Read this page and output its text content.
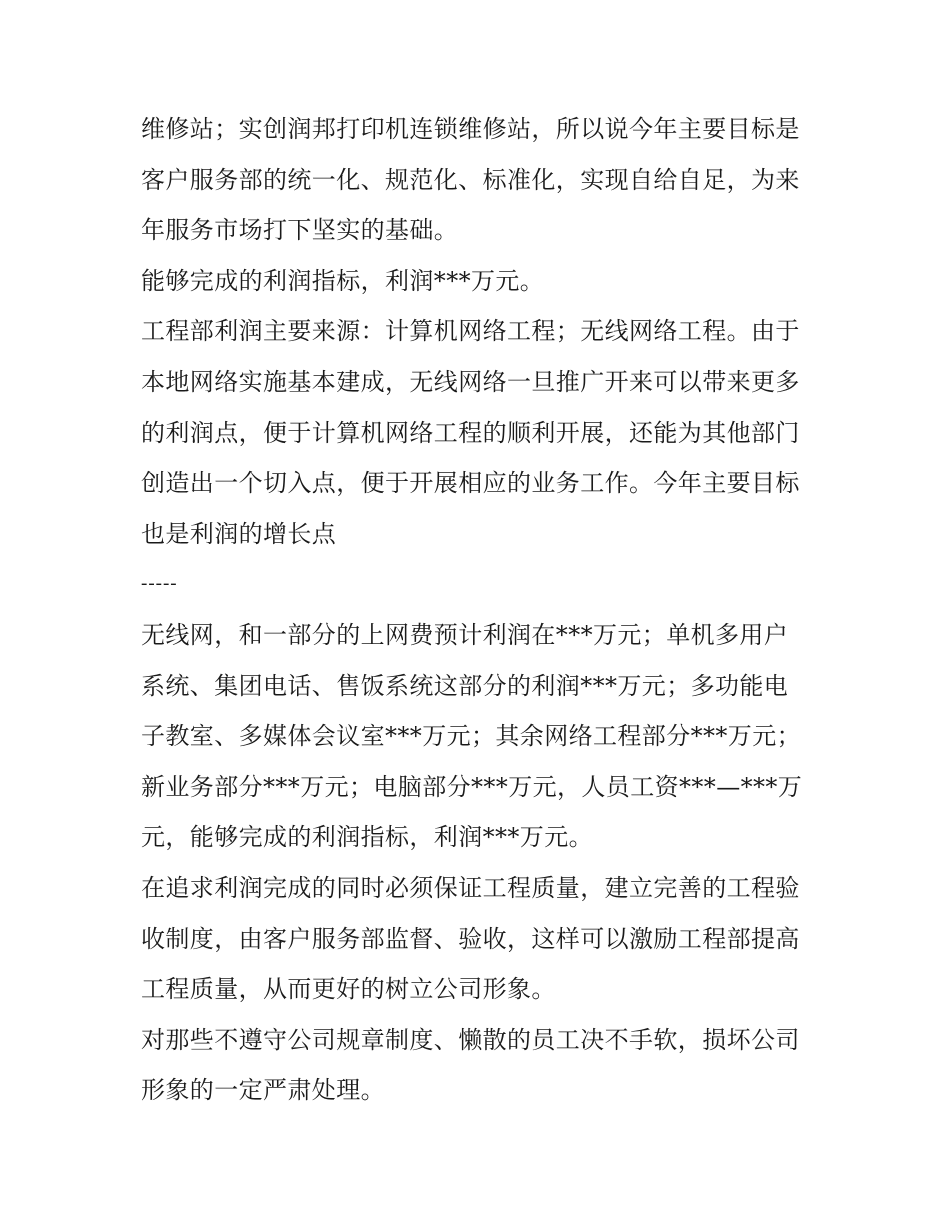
维修站；实创润邦打印机连锁维修站，所以说今年主要目标是
客户服务部的统一化、规范化、标准化，实现自给自足，为来
年服务市场打下坚实的基础。
能够完成的利润指标，利润***万元。
工程部利润主要来源：计算机网络工程；无线网络工程。由于
本地网络实施基本建成，无线网络一旦推广开来可以带来更多
的利润点，便于计算机网络工程的顺利开展，还能为其他部门
创造出一个切入点，便于开展相应的业务工作。今年主要目标
也是利润的增长点
-----
无线网，和一部分的上网费预计利润在***万元；单机多用户
系统、集团电话、售饭系统这部分的利润***万元；多功能电
子教室、多媒体会议室***万元；其余网络工程部分***万元；
新业务部分***万元；电脑部分***万元，人员工资***—***万
元，能够完成的利润指标，利润***万元。
在追求利润完成的同时必须保证工程质量，建立完善的工程验
收制度，由客户服务部监督、验收，这样可以激励工程部提高
工程质量，从而更好的树立公司形象。
对那些不遵守公司规章制度、懒散的员工决不手软，损坏公司
形象的一定严肃处理。
